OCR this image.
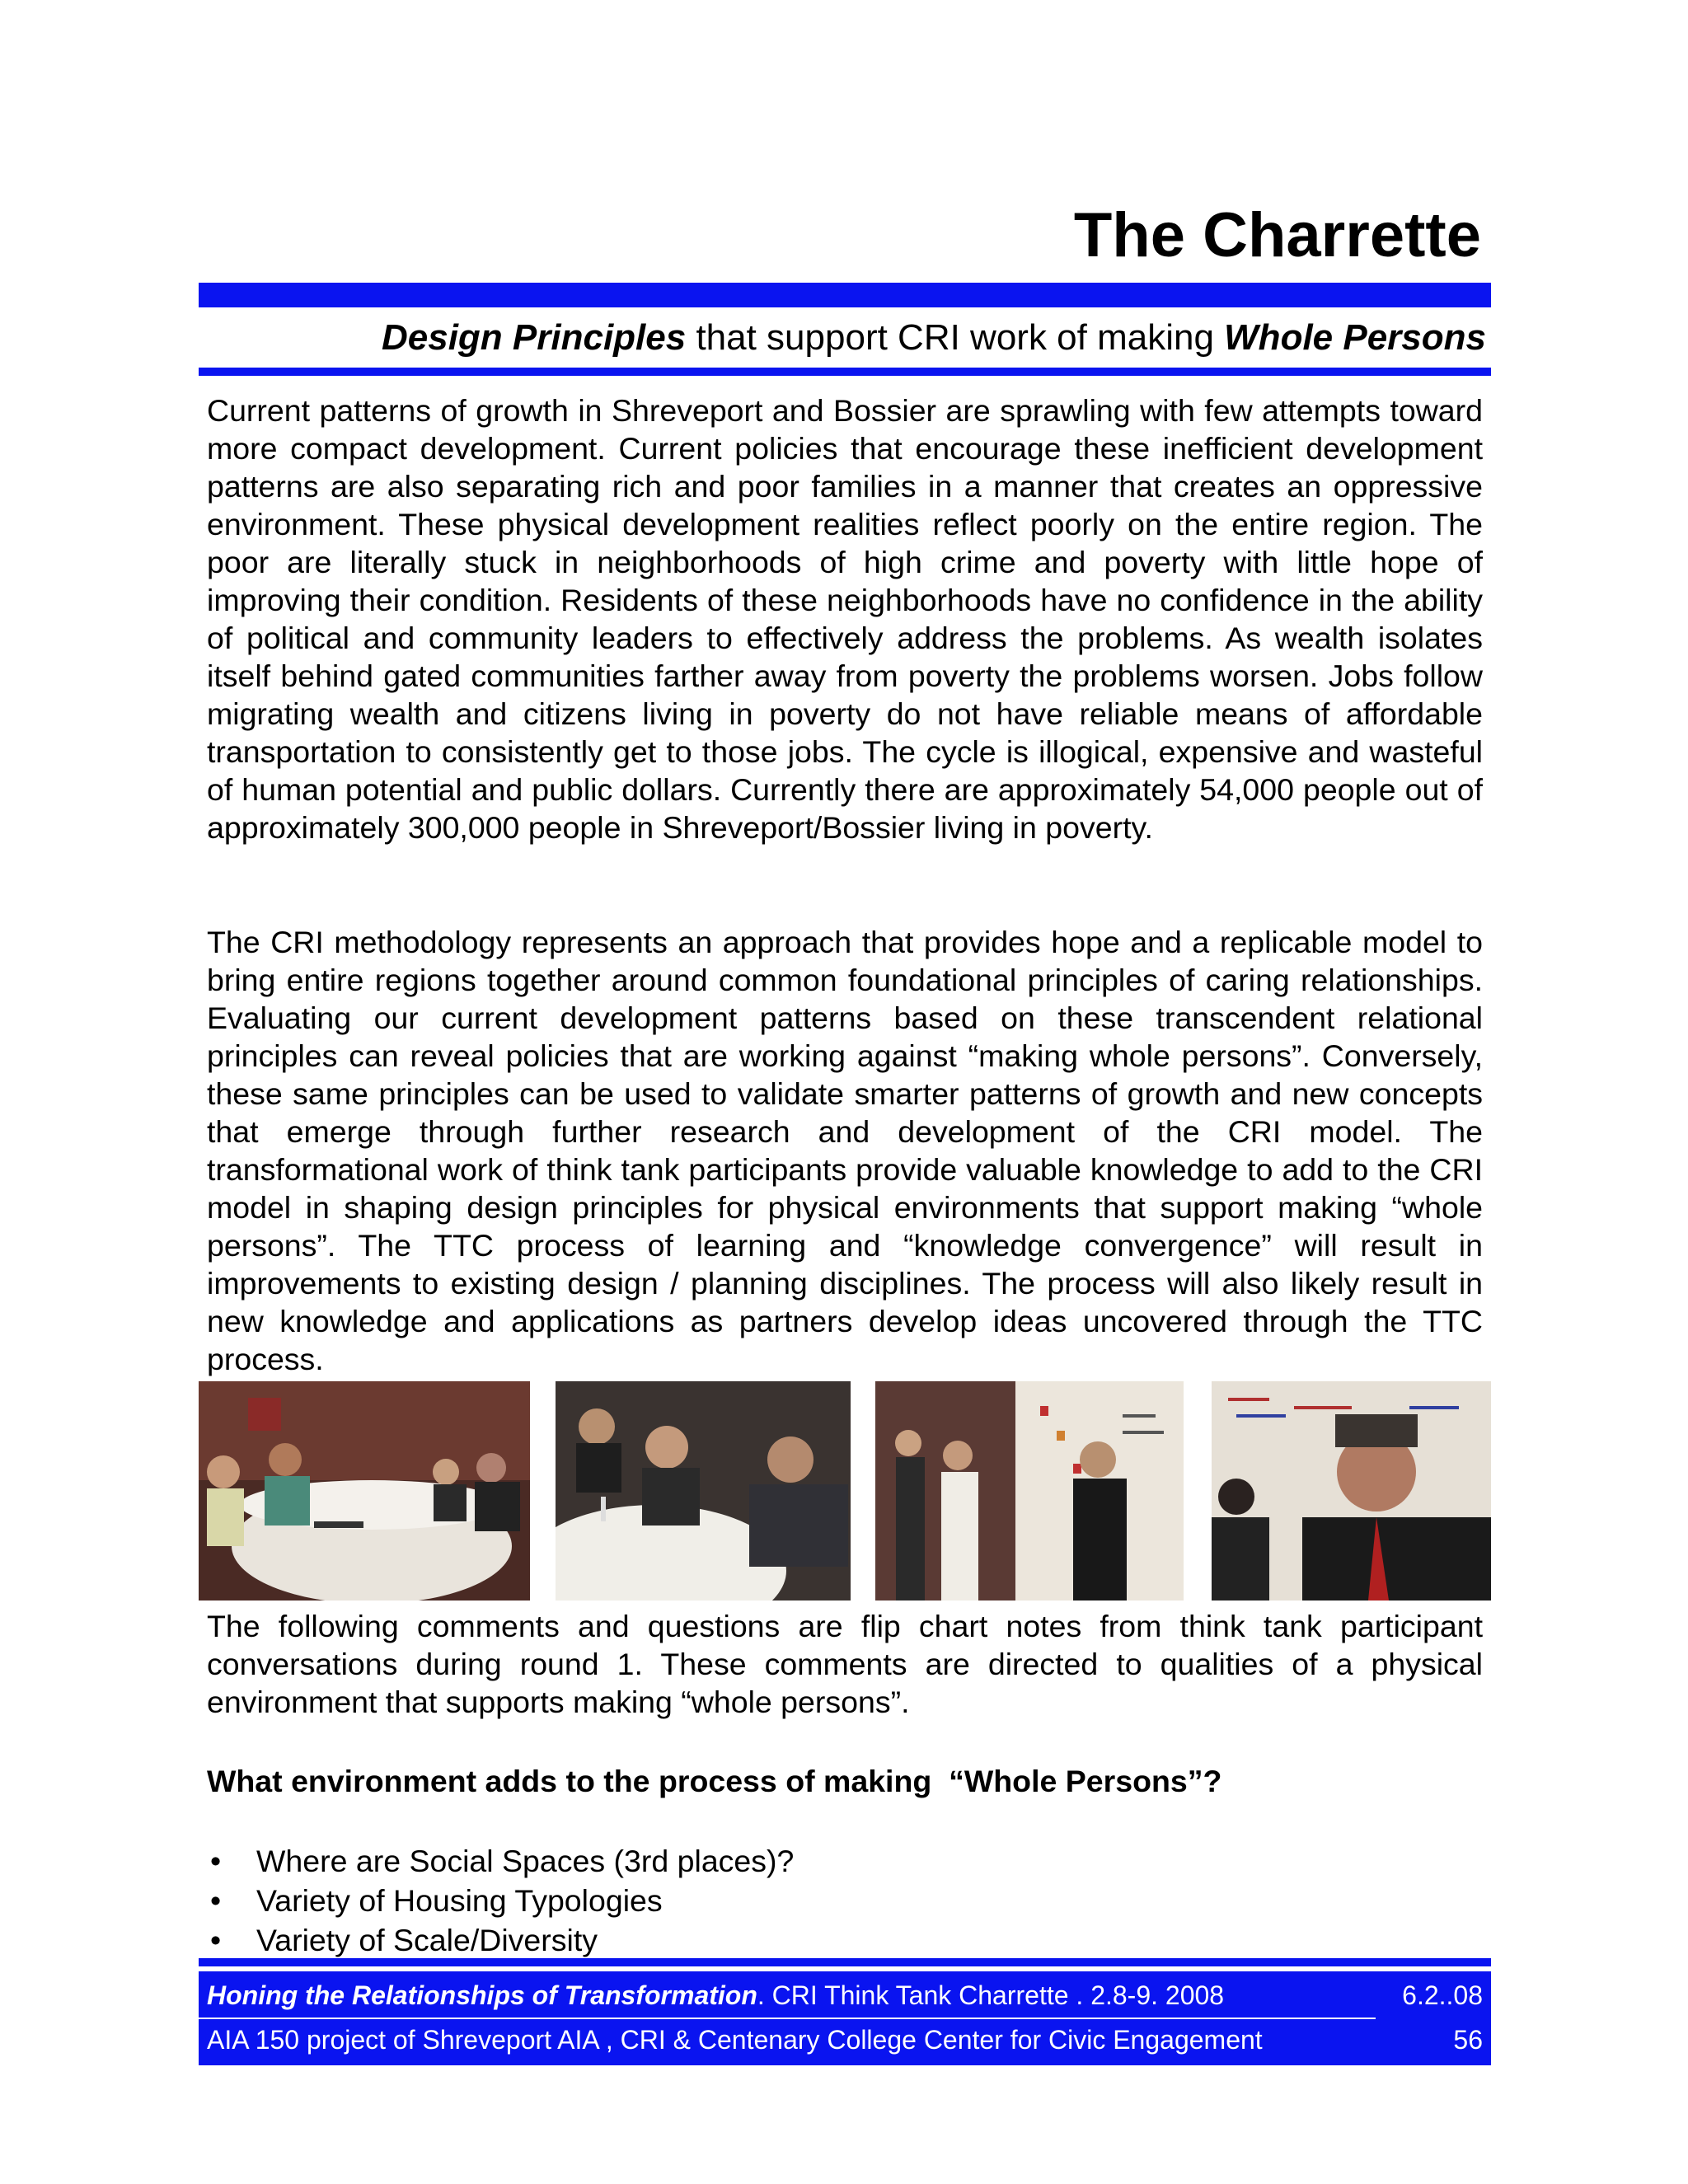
The Charrette
Design Principles that support CRI work of making Whole Persons

Current patterns of growth in Shreveport and Bossier are sprawling with few attempts toward more compact development. Current policies that encourage these inefficient development patterns are also separating rich and poor families in a manner that creates an oppressive environment. These physical development realities reflect poorly on the entire region. The poor are literally stuck in neighborhoods of high crime and poverty with little hope of improving their condition. Residents of these neighborhoods have no confidence in the ability of political and community leaders to effectively address the problems. As wealth isolates itself behind gated communities farther away from poverty the problems worsen. Jobs follow migrating wealth and citizens living in poverty do not have reliable means of affordable transportation to consistently get to those jobs. The cycle is illogical, expensive and wasteful of human potential and public dollars. Currently there are approximately 54,000 people out of approximately 300,000 people in Shreveport/Bossier living in poverty.

The CRI methodology represents an approach that provides hope and a replicable model to bring entire regions together around common foundational principles of caring relationships. Evaluating our current development patterns based on these transcendent relational principles can reveal policies that are working against “making whole persons”. Conversely, these same principles can be used to validate smarter patterns of growth and new concepts that emerge through further research and development of the CRI model. The transformational work of think tank participants provide valuable knowledge to add to the CRI model in shaping design principles for physical environments that support making “whole persons”. The TTC process of learning and “knowledge convergence” will result in improvements to existing design / planning disciplines. The process will also likely result in new knowledge and applications as partners develop ideas uncovered through the TTC process.

The following comments and questions are flip chart notes from think tank participant conversations during round 1. These comments are directed to qualities of a physical environment that supports making “whole persons”.

What environment adds to the process of making  “Whole Persons”?

• Where are Social Spaces (3rd places)?
• Variety of Housing Typologies
• Variety of Scale/Diversity
Honing the Relationships of Transformation. CRI Think Tank Charrette . 2.8-9. 2008	6.2..08
AIA 150 project of Shreveport AIA , CRI & Centenary College Center for Civic Engagement	56
